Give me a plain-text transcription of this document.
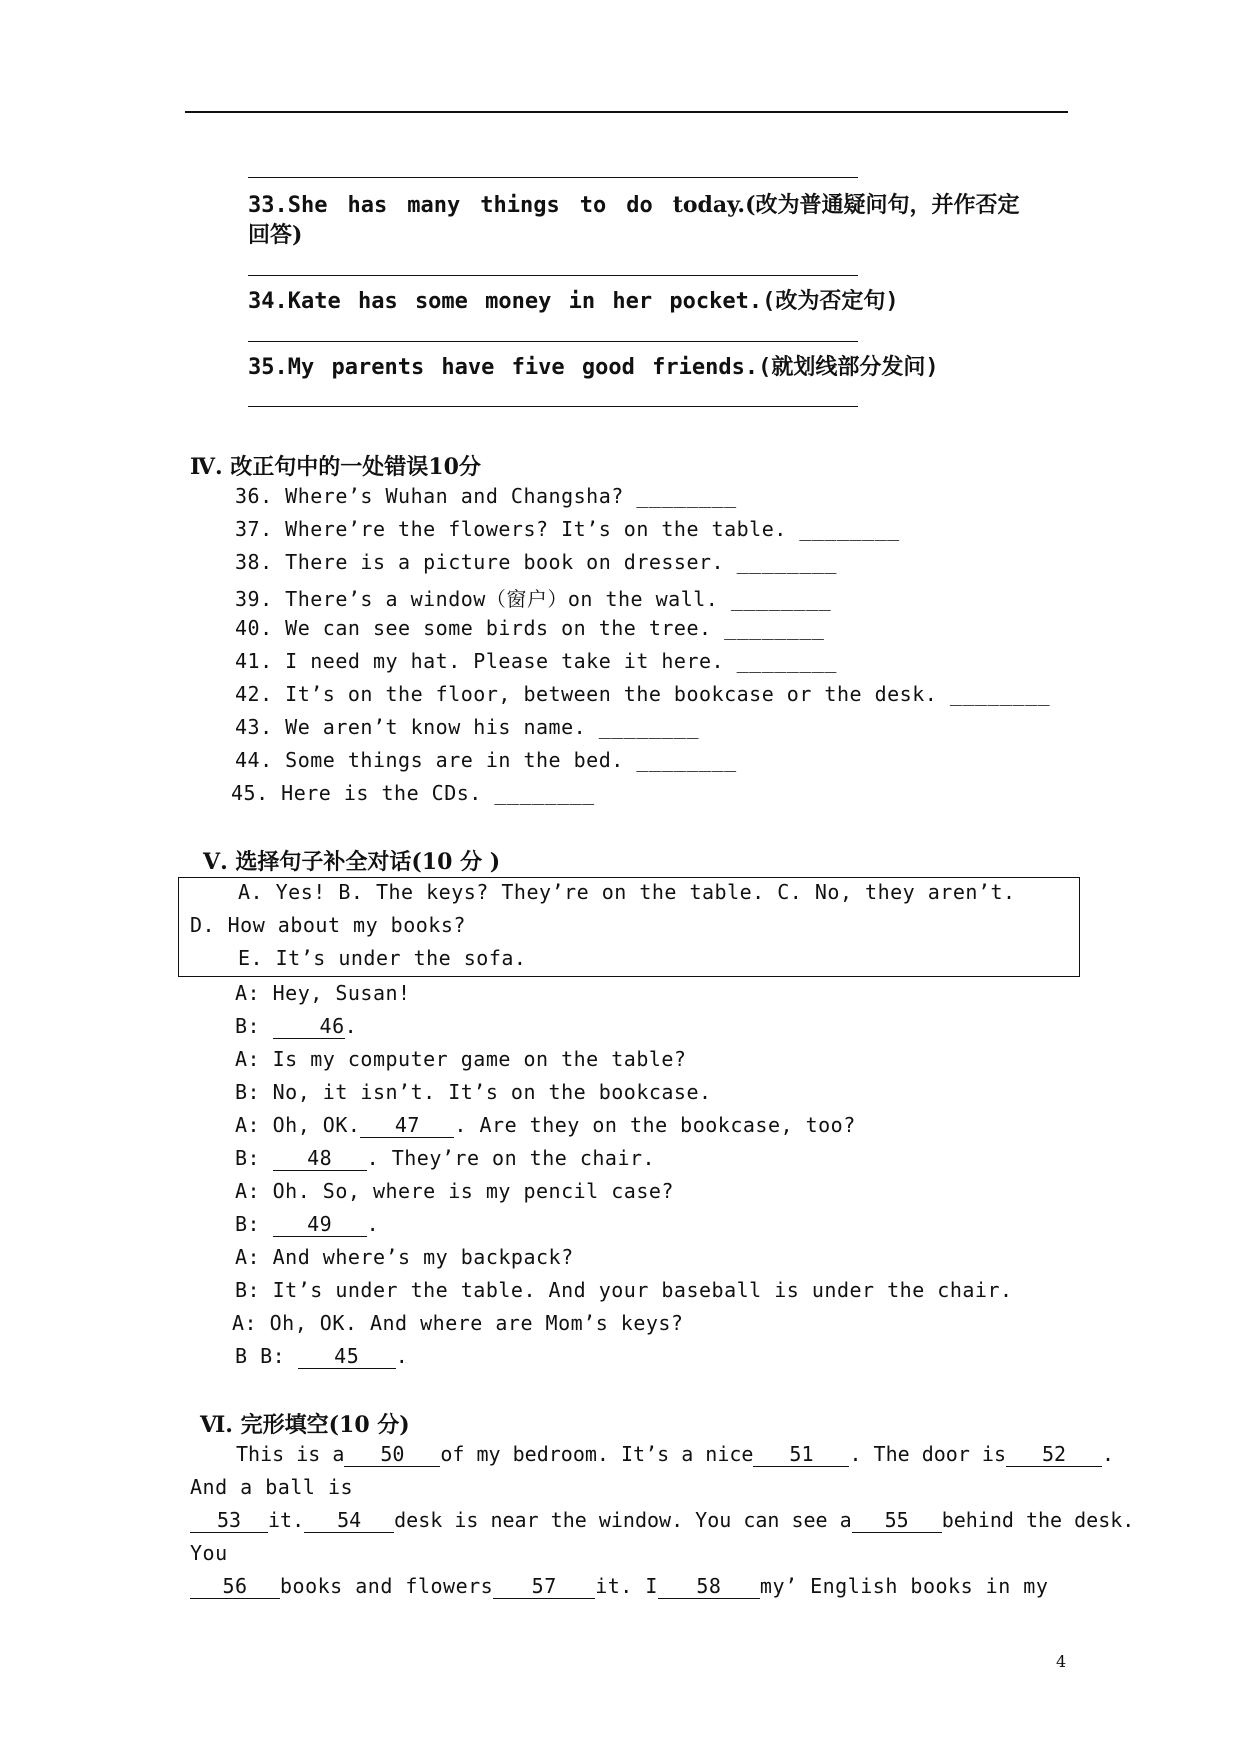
33.She has many things to do today.(改为普通疑问句，并作否定
回答)
34.Kate has some money in her pocket.(改为否定句)
35.My parents have five good friends.(就划线部分发问)
Ⅳ. 改正句中的一处错误10分
36. Where’s Wuhan and Changsha? ________
37. Where’re the flowers? It’s on the table. ________
38. There is a picture book on dresser. ________
39. There’s a window（窗户）on the wall. ________
40. We can see some birds on the tree. ________
41. I need my hat. Please take it here. ________
42. It’s on the floor, between the bookcase or the desk. ________
43. We aren’t know his name. ________
44. Some things are in the bed. ________
45. Here is the CDs. ________
Ⅴ. 选择句子补全对话(10 分 )
A. Yes! B. The keys? They’re on the table. C. No, they aren’t.
D. How about my books?
E. It’s under the sofa.
A: Hey, Susan!
B: 46.
A: Is my computer game on the table?
B: No, it isn’t. It’s on the bookcase.
A: Oh, OK. 47 . Are they on the bookcase, too?
B: 48 . They’re on the chair.
A: Oh. So, where is my pencil case?
B: 49 .
A: And where’s my backpack?
B: It’s under the table. And your baseball is under the chair.
A: Oh, OK. And where are Mom’s keys?
B B: 45 .
Ⅵ. 完形填空(10 分)
This is a 50 of my bedroom. It’s a nice 51 . The door is 52 .
And a ball is
53 it. 54 desk is near the window. You can see a 55 behind the desk.
You
56 books and flowers 57 it. I 58 my’ English books in my
4
